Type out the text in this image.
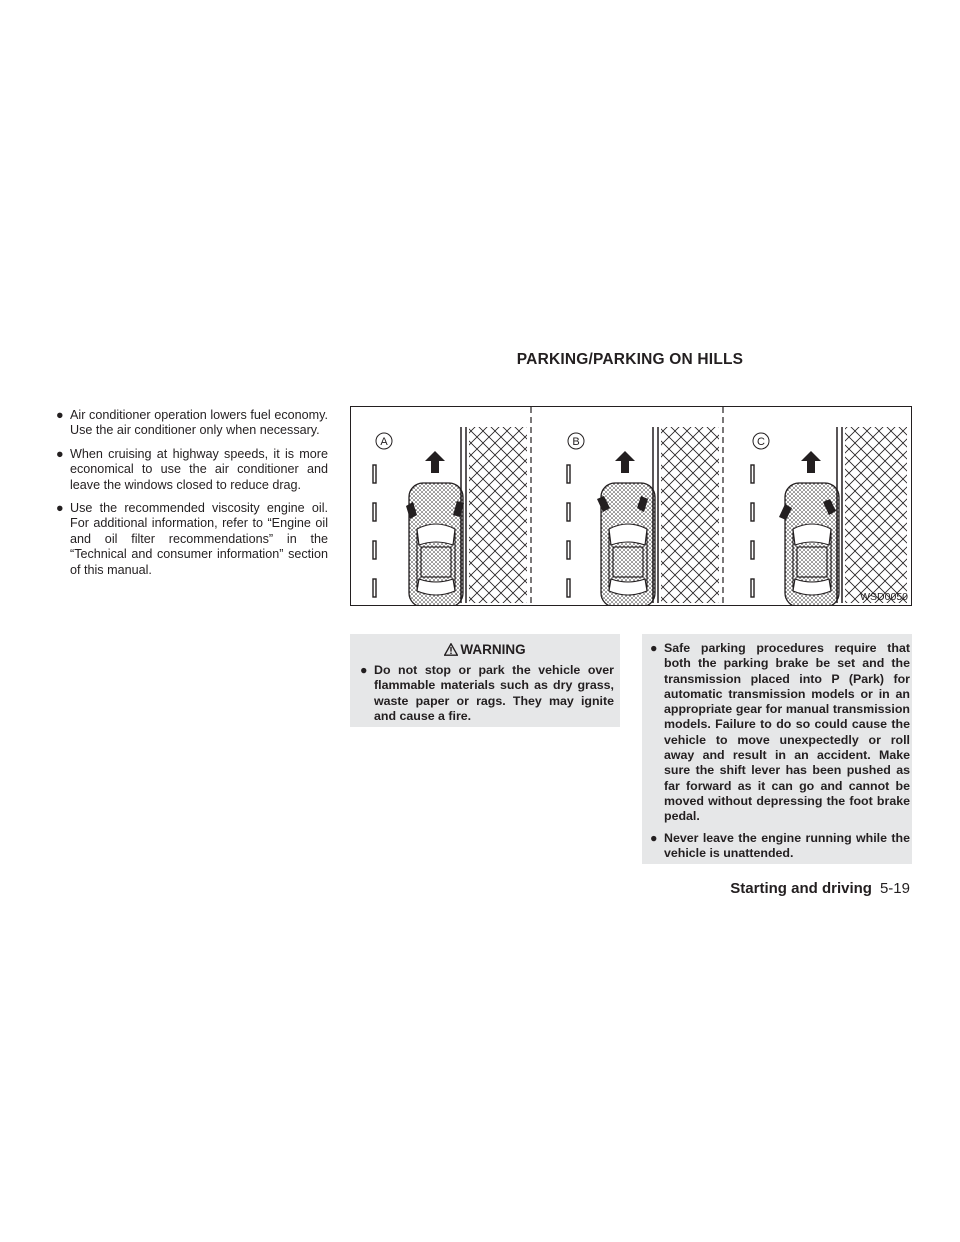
PARKING/PARKING ON HILLS
● Air conditioner operation lowers fuel economy. Use the air conditioner only when necessary.
● When cruising at highway speeds, it is more economical to use the air conditioner and leave the windows closed to reduce drag.
● Use the recommended viscosity engine oil. For additional information, refer to “Engine oil and oil filter recommendations” in the “Technical and consumer information” section of this manual.
A	B	C
WSD0050
WARNING
● Do not stop or park the vehicle over flammable materials such as dry grass, waste paper or rags. They may ignite and cause a fire.
● Safe parking procedures require that both the parking brake be set and the transmission placed into P (Park) for automatic transmission models or in an appropriate gear for manual transmission models. Failure to do so could cause the vehicle to move unexpectedly or roll away and result in an accident. Make sure the shift lever has been pushed as far forward as it can go and cannot be moved without depressing the foot brake pedal.
● Never leave the engine running while the vehicle is unattended.
Starting and driving 5-19
